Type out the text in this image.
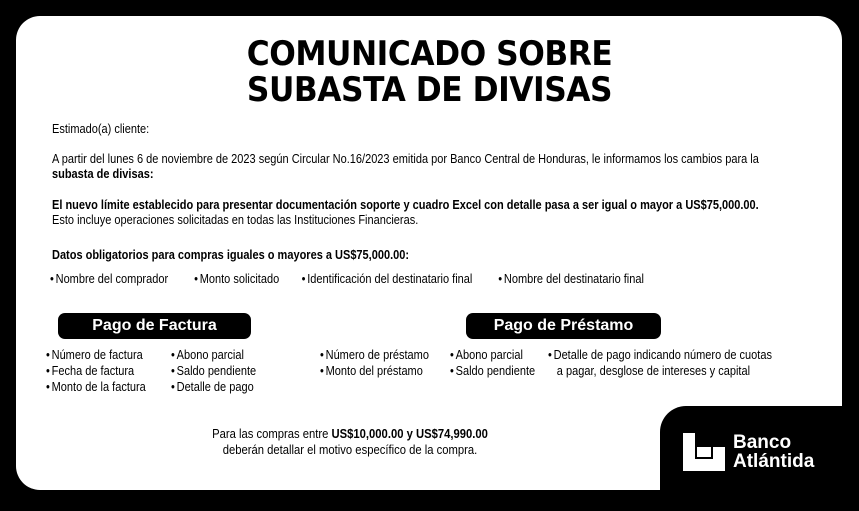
COMUNICADO SOBRE
SUBASTA DE DIVISAS
Estimado(a) cliente:
A partir del lunes 6 de noviembre de 2023 según Circular No.16/2023 emitida por Banco Central de Honduras, le informamos los cambios para la
subasta de divisas:
El nuevo límite establecido para presentar documentación soporte y cuadro Excel con detalle pasa a ser igual o mayor a US$75,000.00.
Esto incluye operaciones solicitadas en todas las Instituciones Financieras.
Datos obligatorios para compras iguales o mayores a US$75,000.00:
• Nombre del comprador	• Monto solicitado • Identificación del destinatario final	• Nombre del destinatario final
Pago de Factura
• Número de factura
• Fecha de factura
• Monto de la factura
• Abono parcial
• Saldo pendiente
• Detalle de pago
Pago de Préstamo
• Número de préstamo
• Monto del préstamo
• Abono parcial
• Saldo pendiente
• Detalle de pago indicando número de cuotas
a pagar, desglose de intereses y capital
Para las compras entre US$10,000.00 y US$74,990.00
deberán detallar el motivo específico de la compra.	Banco
Atlántida
